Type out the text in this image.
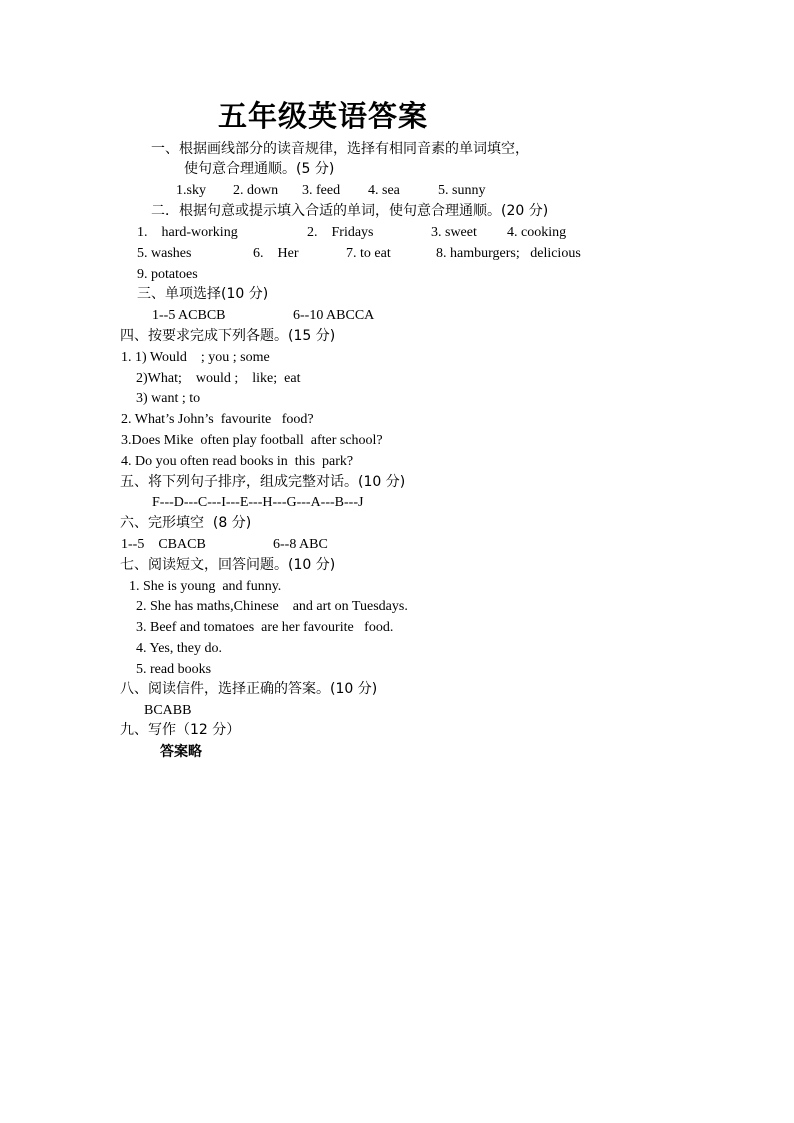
五年级英语答案
一、根据画线部分的读音规律，选择有相同音素的单词填空，
使句意合理通顺。(5 分)
1.sky 2. down 3. feed 4. sea	5. sunny
二．根据句意或提示填入合适的单词，使句意合理通顺。(20 分)
1.    hard-working	2.    Fridays	3. sweet 4. cooking
5. washes	6.    Her	7. to eat	8. hamburgers;   delicious
9. potatoes
三、单项选择(10 分)
1--5 ACBCB	6--10 ABCCA
四、按要求完成下列各题。(15 分)
1. 1) Would    ; you ; some
2)What;    would ;    like;  eat
3) want ; to
2. What’s John’s  favourite   food?
3.Does Mike  often play football  after school?
4. Do you often read books in  this  park?
五、将下列句子排序，组成完整对话。(10 分)
F---D---C---I---E---H---G---A---B---J
六、完形填空  (8 分)
1--5    CBACB	6--8 ABC
七、阅读短文，回答问题。(10 分)
1. She is young  and funny.
2. She has maths,Chinese    and art on Tuesdays.
3. Beef and tomatoes  are her favourite   food.
4. Yes, they do.
5. read books
八、阅读信件，选择正确的答案。(10 分)
BCABB
九、写作（12 分）
答案略
